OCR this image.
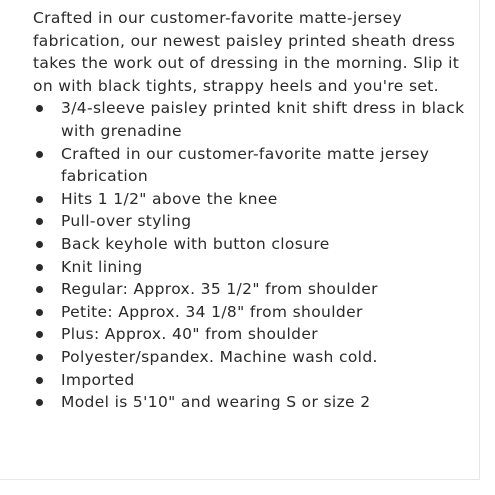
Crafted in our customer-favorite matte-jersey fabrication, our newest paisley printed sheath dress takes the work out of dressing in the morning. Slip it on with black tights, strappy heels and you're set.

3/4-sleeve paisley printed knit shift dress in black with grenadine
Crafted in our customer-favorite matte jersey fabrication
Hits 1 1/2" above the knee
Pull-over styling
Back keyhole with button closure
Knit lining
Regular: Approx. 35 1/2" from shoulder
Petite: Approx. 34 1/8" from shoulder
Plus: Approx. 40" from shoulder
Polyester/spandex. Machine wash cold.
Imported
Model is 5'10" and wearing S or size 2
